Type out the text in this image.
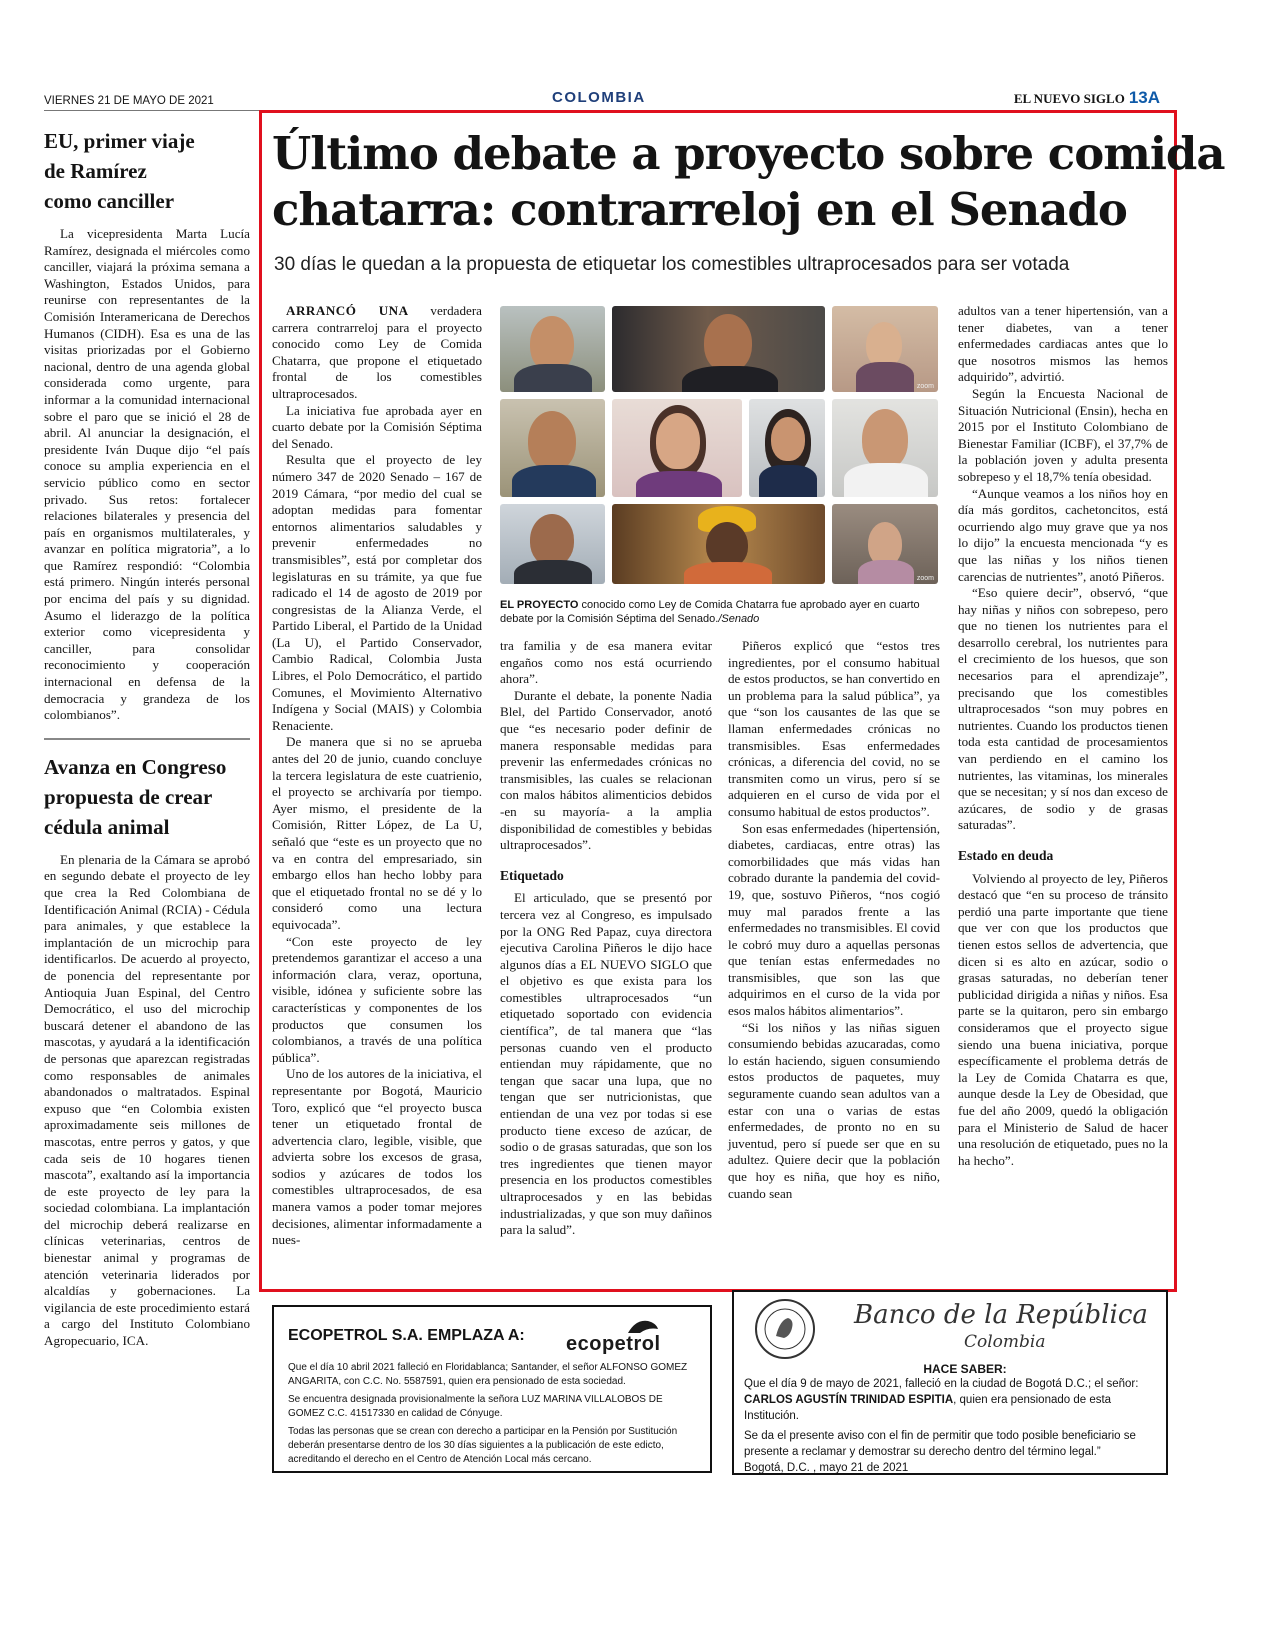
VIERNES 21 DE MAYO DE 2021	COLOMBIA	EL NUEVO SIGLO 13A
EU, primer viaje
de Ramírez
como canciller

La vicepresidenta Marta Lucía Ramírez, designada el miércoles como canciller, viajará la próxima semana a Washington, Estados Unidos, para reunirse con representantes de la Comisión Interamericana de Derechos Humanos (CIDH). Esa es una de las visitas priorizadas por el Gobierno nacional, dentro de una agenda global considerada como urgente, para informar a la comunidad internacional sobre el paro que se inició el 28 de abril. Al anunciar la designación, el presidente Iván Duque dijo “el país conoce su amplia experiencia en el servicio público como en sector privado. Sus retos: fortalecer relaciones bilaterales y presencia del país en organismos multilaterales, y avanzar en política migratoria”, a lo que Ramírez respondió: “Colombia está primero. Ningún interés personal por encima del país y su dignidad. Asumo el liderazgo de la política exterior como vicepresidenta y canciller, para consolidar reconocimiento y cooperación internacional en defensa de la democracia y grandeza de los colombianos”.

Avanza en Congreso
propuesta de crear
cédula animal

En plenaria de la Cámara se aprobó en segundo debate el proyecto de ley que crea la Red Colombiana de Identificación Animal (RCIA) - Cédula para animales, y que establece la implantación de un microchip para identificarlos. De acuerdo al proyecto, de ponencia del representante por Antioquia Juan Espinal, del Centro Democrático, el uso del microchip buscará detener el abandono de las mascotas, y ayudará a la identificación de personas que aparezcan registradas como responsables de animales abandonados o maltratados. Espinal expuso que “en Colombia existen aproximadamente seis millones de mascotas, entre perros y gatos, y que cada seis de 10 hogares tienen mascota”, exaltando así la importancia de este proyecto de ley para la sociedad colombiana. La implantación del microchip deberá realizarse en clínicas veterinarias, centros de bienestar animal y programas de atención veterinaria liderados por alcaldías y gobernaciones. La vigilancia de este procedimiento estará a cargo del Instituto Colombiano Agropecuario, ICA.

Último debate a proyecto sobre comida
chatarra: contrarreloj en el Senado
30 días le quedan a la propuesta de etiquetar los comestibles ultraprocesados para ser votada

ARRANCÓ UNA verdadera carrera contrarreloj para el proyecto conocido como Ley de Comida Chatarra, que propone el etiquetado frontal de los comestibles ultraprocesados.

La iniciativa fue aprobada ayer en cuarto debate por la Comisión Séptima del Senado.

Resulta que el proyecto de ley número 347 de 2020 Senado – 167 de 2019 Cámara, “por medio del cual se adoptan medidas para fomentar entornos alimentarios saludables y prevenir enfermedades no transmisibles”, está por completar dos legislaturas en su trámite, ya que fue radicado el 14 de agosto de 2019 por congresistas de la Alianza Verde, el Partido Liberal, el Partido de la Unidad (La U), el Partido Conservador, Cambio Radical, Colombia Justa Libres, el Polo Democrático, el partido Comunes, el Movimiento Alternativo Indígena y Social (MAIS) y Colombia Renaciente.

De manera que si no se aprueba antes del 20 de junio, cuando concluye la tercera legislatura de este cuatrienio, el proyecto se archivaría por tiempo. Ayer mismo, el presidente de la Comisión, Ritter López, de La U, señaló que “este es un proyecto que no va en contra del empresariado, sin embargo ellos han hecho lobby para que el etiquetado frontal no se dé y lo consideró como una lectura equivocada”.

“Con este proyecto de ley pretendemos garantizar el acceso a una información clara, veraz, oportuna, visible, idónea y suficiente sobre las características y componentes de los productos que consumen los colombianos, a través de una política pública”.

Uno de los autores de la iniciativa, el representante por Bogotá, Mauricio Toro, explicó que “el proyecto busca tener un etiquetado frontal de advertencia claro, legible, visible, que advierta sobre los excesos de grasa, sodios y azúcares de todos los comestibles ultraprocesados, de esa manera vamos a poder tomar mejores decisiones, alimentar informadamente a nues-

zoom
zoom
EL PROYECTO conocido como Ley de Comida Chatarra fue aprobado ayer en cuarto debate por la Comisión Séptima del Senado./Senado

tra familia y de esa manera evitar engaños como nos está ocurriendo ahora”.

Durante el debate, la ponente Nadia Blel, del Partido Conservador, anotó que “es necesario poder definir de manera responsable medidas para prevenir las enfermedades crónicas no transmisibles, las cuales se relacionan con malos hábitos alimenticios debidos -en su mayoría- a la amplia disponibilidad de comestibles y bebidas ultraprocesados”.

Etiquetado

El articulado, que se presentó por tercera vez al Congreso, es impulsado por la ONG Red Papaz, cuya directora ejecutiva Carolina Piñeros le dijo hace algunos días a EL NUEVO SIGLO que el objetivo es que exista para los comestibles ultraprocesados “un etiquetado soportado con evidencia científica”, de tal manera que “las personas cuando ven el producto entiendan muy rápidamente, que no tengan que sacar una lupa, que no tengan que ser nutricionistas, que entiendan de una vez por todas si ese producto tiene exceso de azúcar, de sodio o de grasas saturadas, que son los tres ingredientes que tienen mayor presencia en los productos comestibles ultraprocesados y en las bebidas industrializadas, y que son muy dañinos para la salud”.

Piñeros explicó que “estos tres ingredientes, por el consumo habitual de estos productos, se han convertido en un problema para la salud pública”, ya que “son los causantes de las que se llaman enfermedades crónicas no transmisibles. Esas enfermedades crónicas, a diferencia del covid, no se transmiten como un virus, pero sí se adquieren en el curso de vida por el consumo habitual de estos productos”.

Son esas enfermedades (hipertensión, diabetes, cardiacas, entre otras) las comorbilidades que más vidas han cobrado durante la pandemia del covid-19, que, sostuvo Piñeros, “nos cogió muy mal parados frente a las enfermedades no transmisibles. El covid le cobró muy duro a aquellas personas que tenían estas enfermedades no transmisibles, que son las que adquirimos en el curso de la vida por esos malos hábitos alimentarios”.

“Si los niños y las niñas siguen consumiendo bebidas azucaradas, como lo están haciendo, siguen consumiendo estos productos de paquetes, muy seguramente cuando sean adultos van a estar con una o varias de estas enfermedades, de pronto no en su juventud, pero sí puede ser que en su adultez. Quiere decir que la población que hoy es niña, que hoy es niño, cuando sean

adultos van a tener hipertensión, van a tener diabetes, van a tener enfermedades cardiacas antes que lo que nosotros mismos las hemos adquirido”, advirtió.

Según la Encuesta Nacional de Situación Nutricional (Ensin), hecha en 2015 por el Instituto Colombiano de Bienestar Familiar (ICBF), el 37,7% de la población joven y adulta presenta sobrepeso y el 18,7% tenía obesidad.

“Aunque veamos a los niños hoy en día más gorditos, cachetoncitos, está ocurriendo algo muy grave que ya nos lo dijo” la encuesta mencionada “y es que las niñas y los niños tienen carencias de nutrientes”, anotó Piñeros.

“Eso quiere decir”, observó, “que hay niñas y niños con sobrepeso, pero que no tienen los nutrientes para el desarrollo cerebral, los nutrientes para el crecimiento de los huesos, que son necesarios para el aprendizaje”, precisando que los comestibles ultraprocesados “son muy pobres en nutrientes. Cuando los productos tienen toda esta cantidad de procesamientos van perdiendo en el camino los nutrientes, las vitaminas, los minerales que se necesitan; y sí nos dan exceso de azúcares, de sodio y de grasas saturadas”.

Estado en deuda

Volviendo al proyecto de ley, Piñeros destacó que “en su proceso de tránsito perdió una parte importante que tiene que ver con que los productos que tienen estos sellos de advertencia, que dicen si es alto en azúcar, sodio o grasas saturadas, no deberían tener publicidad dirigida a niñas y niños. Esa parte se la quitaron, pero sin embargo consideramos que el proyecto sigue siendo una buena iniciativa, porque específicamente el problema detrás de la Ley de Comida Chatarra es que, aunque desde la Ley de Obesidad, que fue del año 2009, quedó la obligación para el Ministerio de Salud de hacer una resolución de etiquetado, pues no la ha hecho”.

ECOPETROL S.A. EMPLAZA A: ecopetrol

Que el día 10 abril 2021 falleció en Floridablanca; Santander, el señor ALFONSO GOMEZ ANGARITA, con C.C. No. 5587591, quien era pensionado de esta sociedad.

Se encuentra designada provisionalmente la señora LUZ MARINA VILLALOBOS DE GOMEZ C.C. 41517330 en calidad de Cónyuge.

Todas las personas que se crean con derecho a participar en la Pensión por Sustitución deberán presentarse dentro de los 30 días siguientes a la publicación de este edicto, acreditando el derecho en el Centro de Atención Local más cercano.

Banco de la República
Colombia

HACE SABER:

Que el día 9 de mayo de 2021, falleció en la ciudad de Bogotá D.C.; el señor: CARLOS AGUSTÍN TRINIDAD ESPITIA, quien era pensionado de esta Institución.

Se da el presente aviso con el fin de permitir que todo posible beneficiario se presente a reclamar y demostrar su derecho dentro del término legal.”

Bogotá, D.C. , mayo 21 de 2021
